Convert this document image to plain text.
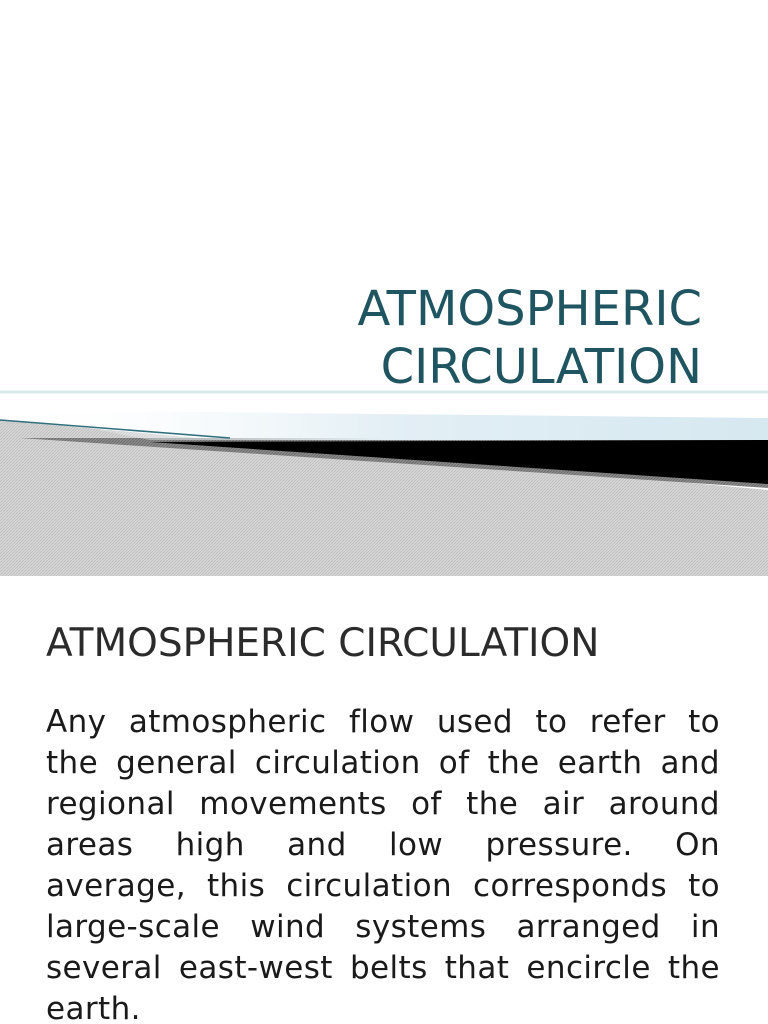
ATMOSPHERIC
CIRCULATION
ATMOSPHERIC CIRCULATION
Any atmospheric flow used to refer to the general circulation of the earth and regional movements of the air around areas high and low pressure. On average, this circulation corresponds to large-scale wind systems arranged in several east-west belts that encircle the earth.
